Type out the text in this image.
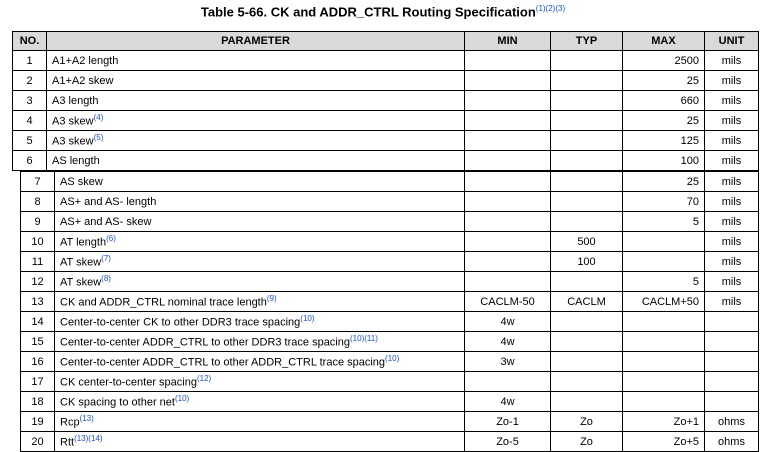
Table 5-66. CK and ADDR_CTRL Routing Specification$^{(1)(2)(3)}$
NO.	PARAMETER	MIN	TYP	MAX	UNIT
1	A1+A2 length			2500	mils
2	A1+A2 skew			25	mils
3	A3 length			660	mils
4	A3 skew$^{(4)}$			25	mils
5	A3 skew$^{(5)}$			125	mils
6	AS length			100	mils
7	AS skew			25	mils
8	AS+ and AS- length			70	mils
9	AS+ and AS- skew			5	mils
10	AT length$^{(6)}$		500		mils
11	AT skew$^{(7)}$		100		mils
12	AT skew$^{(8)}$			5	mils
13	CK and ADDR_CTRL nominal trace length$^{(9)}$	CACLM-50	CACLM	CACLM+50	mils
14	Center-to-center CK to other DDR3 trace spacing$^{(10)}$	4w			
15	Center-to-center ADDR_CTRL to other DDR3 trace spacing$^{(10)(11)}$	4w			
16	Center-to-center ADDR_CTRL to other ADDR_CTRL trace spacing$^{(10)}$	3w			
17	CK center-to-center spacing$^{(12)}$				
18	CK spacing to other net$^{(10)}$	4w			
19	Rcp$^{(13)}$	Zo-1	Zo	Zo+1	ohms
20	Rtt$^{(13)(14)}$	Zo-5	Zo	Zo+5	ohms
